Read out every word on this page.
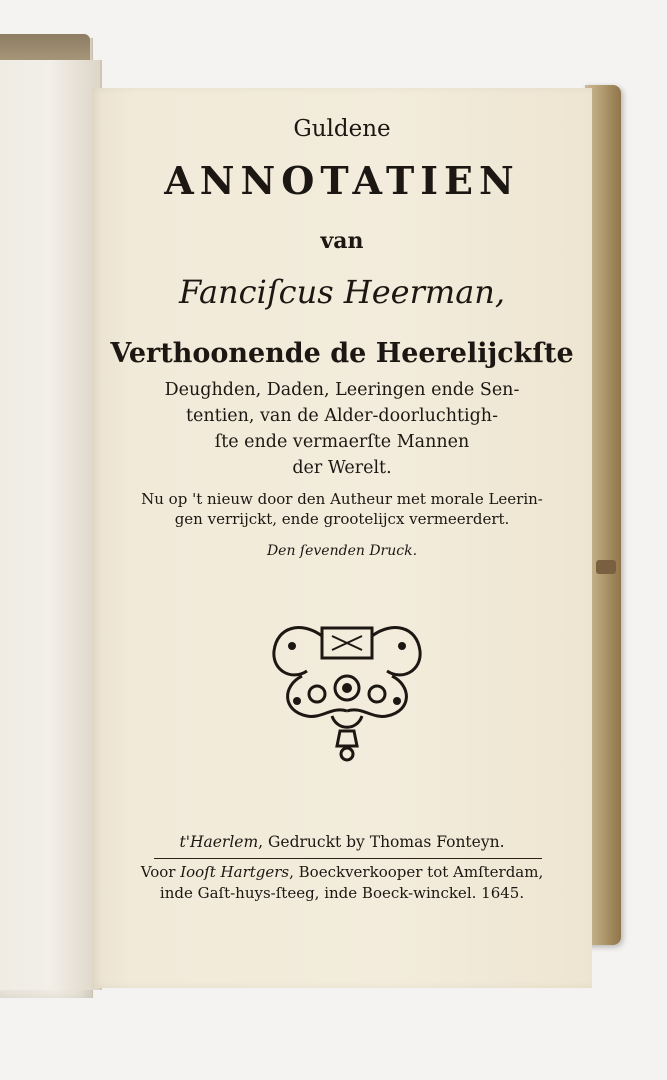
Guldene
ANNOTATIEN
van
Fanciſcus Heerman,
Verthoonende de Heerelijckſte
Deughden, Daden, Leeringen ende Sen-
tentien, van de Alder-doorluchtigh-
ſte ende vermaerſte Mannen
der Werelt.
Nu op 't nieuw door den Autheur met morale Leerin-
gen verrijckt, ende grootelijcx vermeerdert.
Den ſevenden Druck.
t'Haerlem, Gedruckt by Thomas Fonteyn.
Voor Iooſt Hartgers, Boeckverkooper tot Amſterdam,
inde Gaſt-huys-ſteeg, inde Boeck-winckel. 1645.
